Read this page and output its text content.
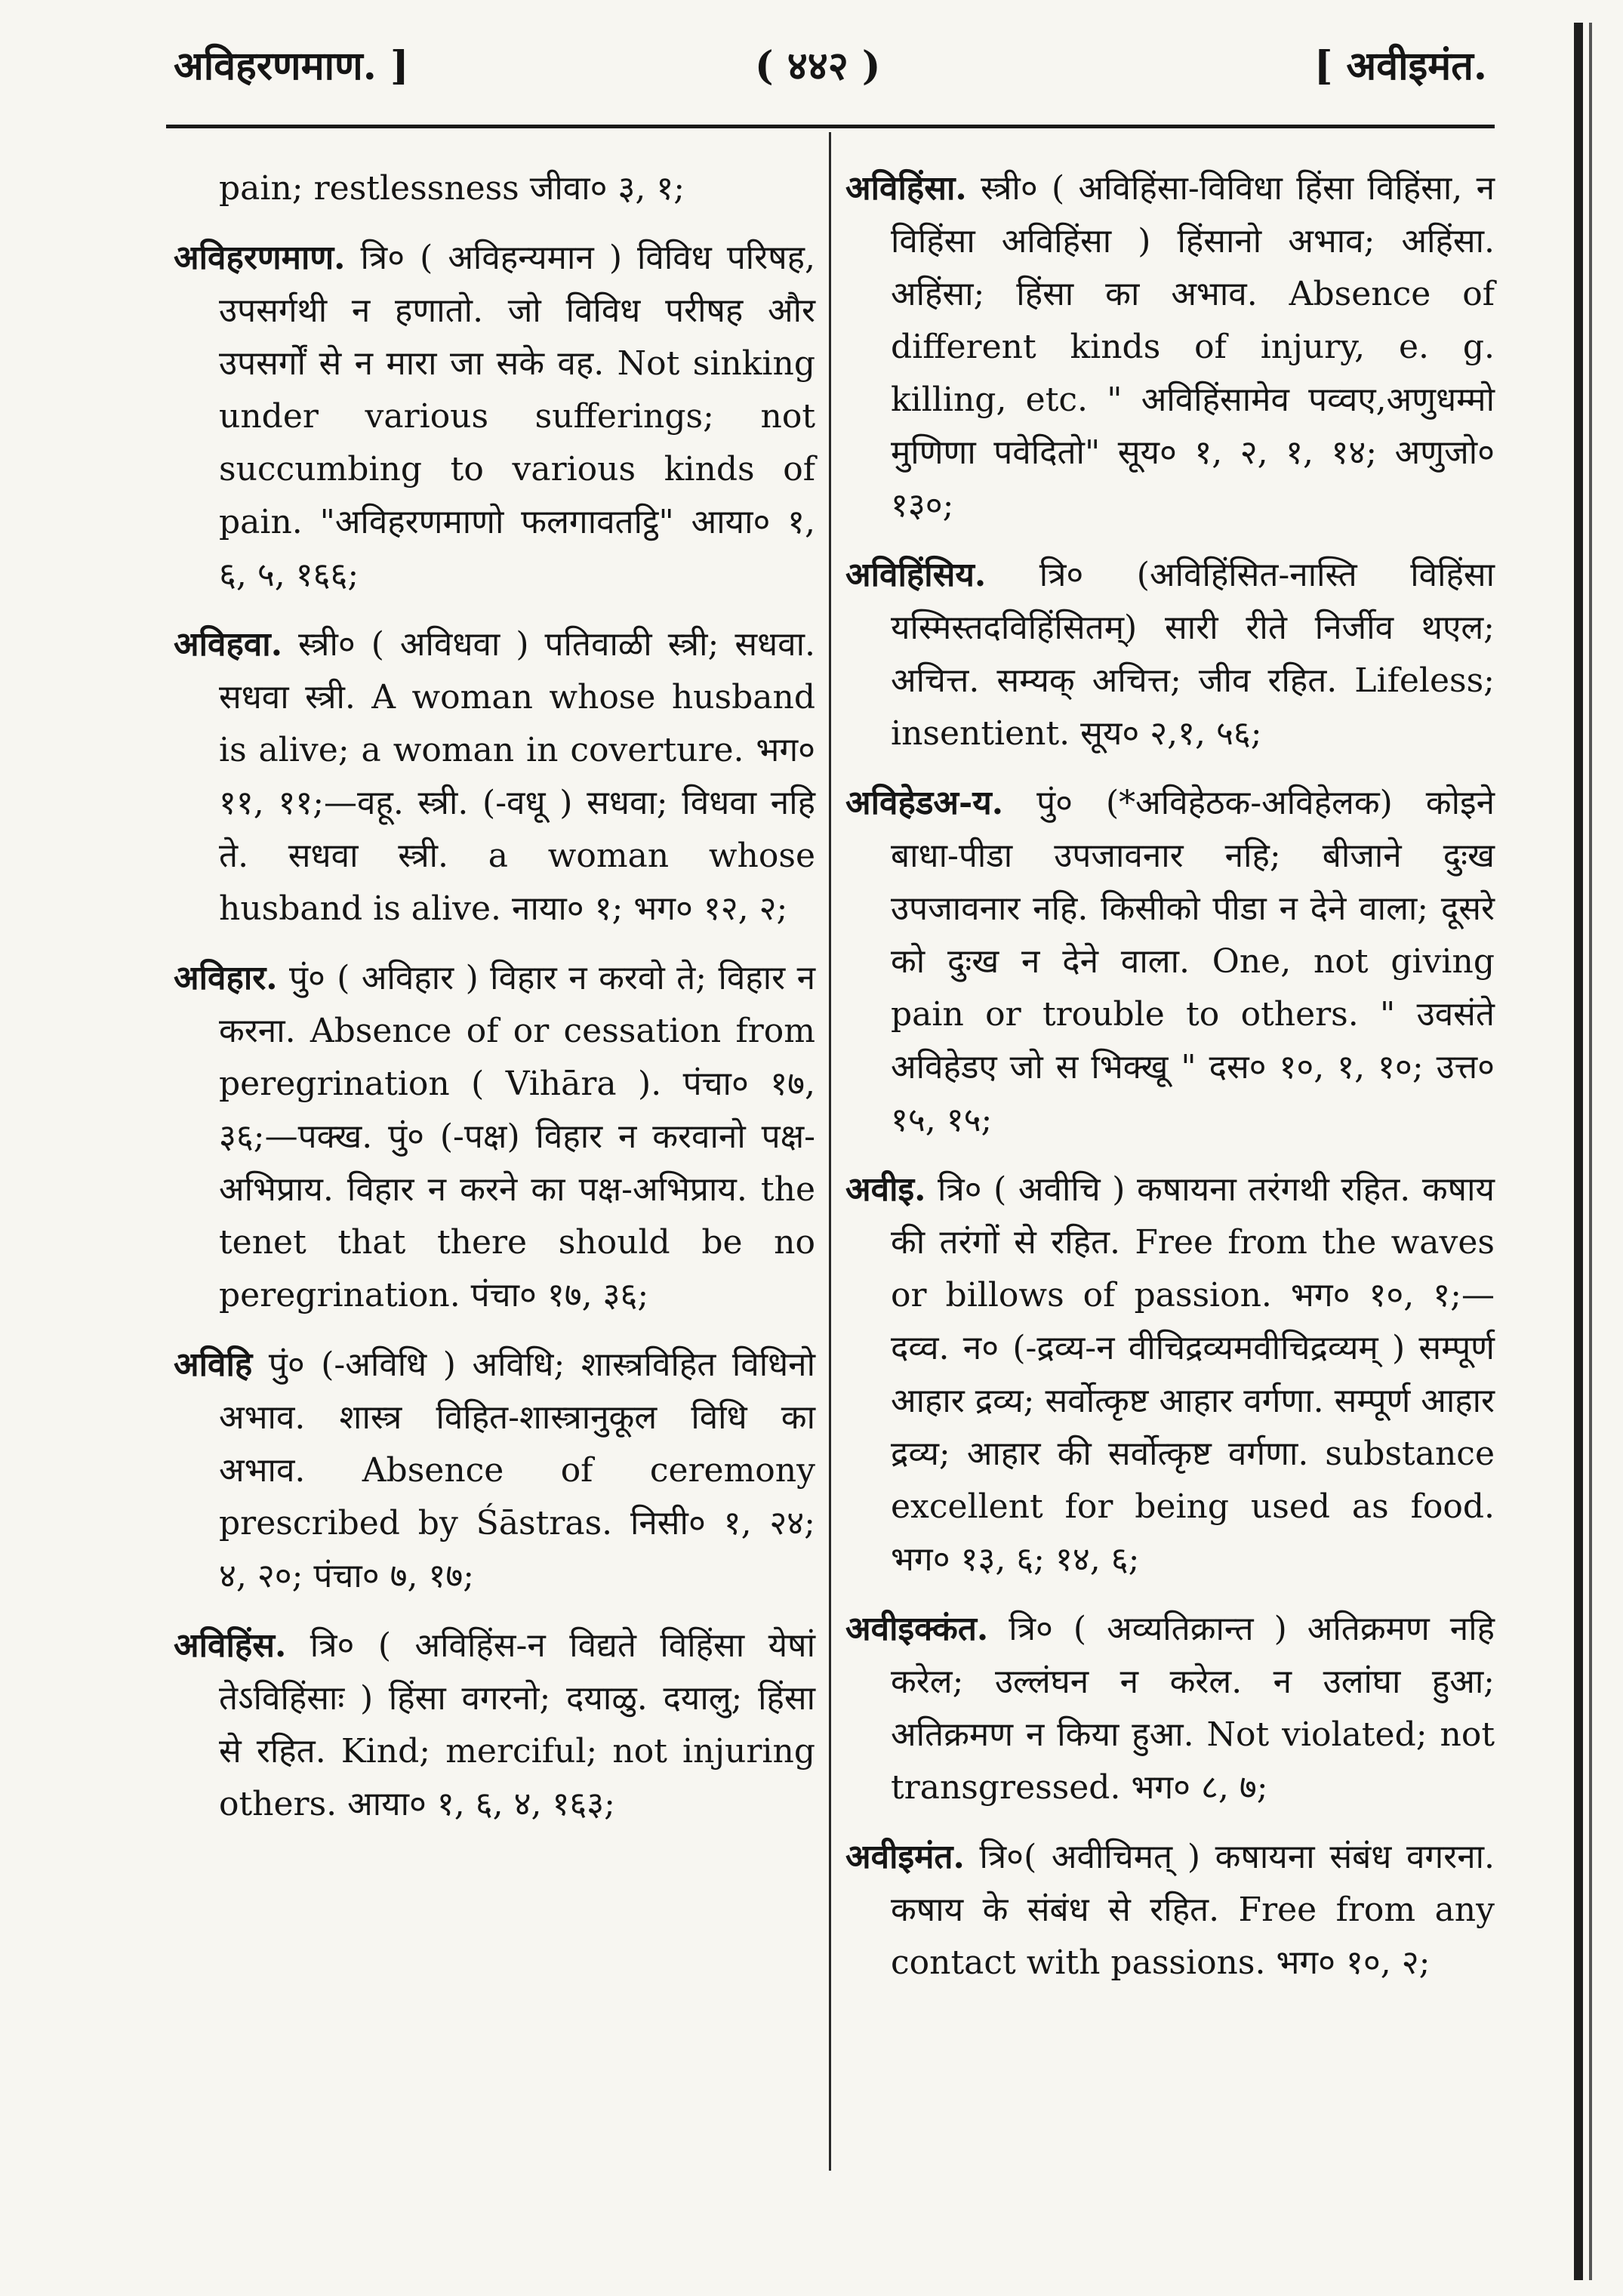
अविहरणमाण. ]	( ४४२ )	[ अवीइमंत.

pain; restlessness जीवा० ३, १;

अविहरणमाण. त्रि० ( अविहन्यमान ) विविध परिषह, उपसर्गथी न हणातो. जो विविध परीषह और उपसर्गों से न मारा जा सके वह. Not sinking under various sufferings; not succumbing to various kinds of pain. "अविहरणमाणो फलगावतट्ठि" आया० १, ६, ५, १६६;

अविहवा. स्त्री० ( अविधवा ) पतिवाळी स्त्री; सधवा. सधवा स्त्री. A woman whose husband is alive; a woman in coverture. भग० ११, ११;—वहू. स्त्री. (-वधू ) सधवा; विधवा नहि ते. सधवा स्त्री. a woman whose husband is alive. नाया० १; भग० १२, २;

अविहार. पुं० ( अविहार ) विहार न करवो ते; विहार न करना. Absence of or cessation from peregrination ( Vihāra ). पंचा० १७, ३६;—पक्ख. पुं० (-पक्ष) विहार न करवानो पक्ष-अभिप्राय. विहार न करने का पक्ष-अभिप्राय. the tenet that there should be no peregrination. पंचा० १७, ३६;

अविहि पुं० (-अविधि ) अविधि; शास्त्रविहित विधिनो अभाव. शास्त्र विहित-शास्त्रानुकूल विधि का अभाव. Absence of ceremony prescribed by Śāstras. निसी० १, २४; ४, २०; पंचा० ७, १७;

अविहिंस. त्रि० ( अविहिंस-न विद्यते विहिंसा येषां तेऽविहिंसाः ) हिंसा वगरनो; दयाळु. दयालु; हिंसा से रहित. Kind; merciful; not injuring others. आया० १, ६, ४, १६३;

अविहिंसा. स्त्री० ( अविहिंसा-विविधा हिंसा विहिंसा, न विहिंसा अविहिंसा ) हिंसानो अभाव; अहिंसा. अहिंसा; हिंसा का अभाव. Absence of different kinds of injury, e. g. killing, etc. " अविहिंसामेव पव्वए,अणुधम्मो मुणिणा पवेदितो" सूय० १, २, १, १४; अणुजो० १३०;

अविहिंसिय. त्रि० (अविहिंसित-नास्ति विहिंसा यस्मिस्तदविहिंसितम्) सारी रीते निर्जीव थएल; अचित्त. सम्यक् अचित्त; जीव रहित. Lifeless; insentient. सूय० २,१, ५६;

अविहेडअ-य. पुं० (*अविहेठक-अविहेलक) कोइने बाधा-पीडा उपजावनार नहि; बीजाने दुःख उपजावनार नहि. किसीको पीडा न देने वाला; दूसरे को दुःख न देने वाला. One, not giving pain or trouble to others. " उवसंते अविहेडए जो स भिक्खू " दस० १०, १, १०; उत्त० १५, १५;

अवीइ. त्रि० ( अवीचि ) कषायना तरंगथी रहित. कषाय की तरंगों से रहित. Free from the waves or billows of passion. भग० १०, १;—दव्व. न० (-द्रव्य-न वीचिद्रव्यमवीचिद्रव्यम् ) सम्पूर्ण आहार द्रव्य; सर्वोत्कृष्ट आहार वर्गणा. सम्पूर्ण आहार द्रव्य; आहार की सर्वोत्कृष्ट वर्गणा. substance excellent for being used as food. भग० १३, ६; १४, ६;

अवीइक्कंत. त्रि० ( अव्यतिक्रान्त ) अतिक्रमण नहि करेल; उल्लंघन न करेल. न उलांघा हुआ; अतिक्रमण न किया हुआ. Not violated; not transgressed. भग० ८, ७;

अवीइमंत. त्रि०( अवीचिमत् ) कषायना संबंध वगरना. कषाय के संबंध से रहित. Free from any contact with passions. भग० १०, २;
